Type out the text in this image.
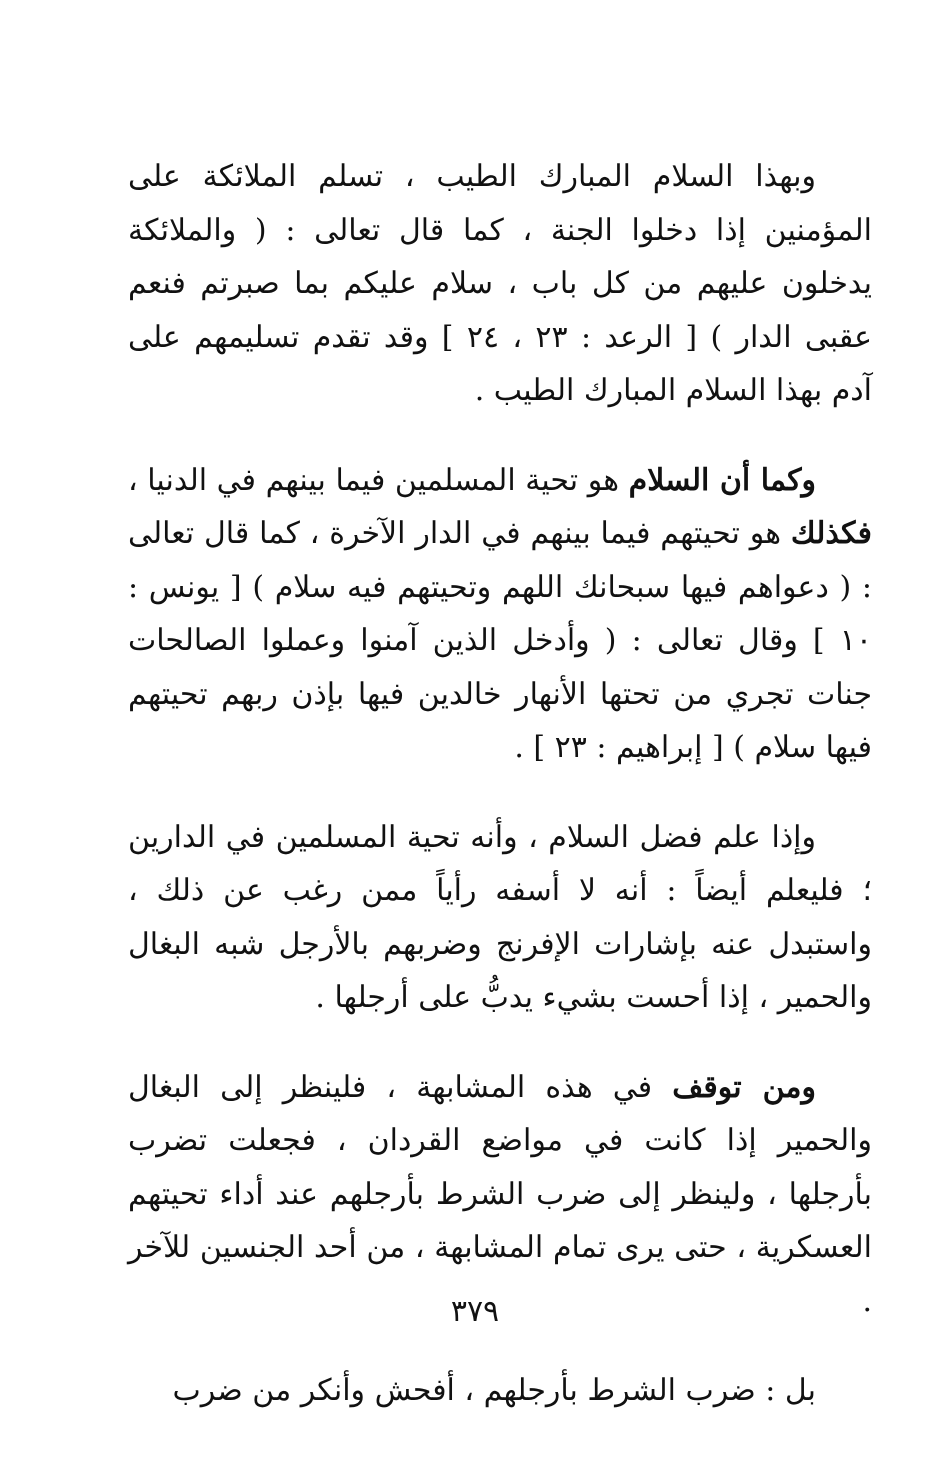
وبهذا السلام المبارك الطيب ، تسلم الملائكة على المؤمنين إذا دخلوا الجنة ، كما قال تعالى : ( والملائكة يدخلون عليهم من كل باب ، سلام عليكم بما صبرتم فنعم عقبى الدار ) [ الرعد : ٢٣ ، ٢٤ ] وقد تقدم تسليمهم على آدم بهذا السلام المبارك الطيب .

وكما أن السلام هو تحية المسلمين فيما بينهم في الدنيا ، فكذلك هو تحيتهم فيما بينهم في الدار الآخرة ، كما قال تعالى : ( دعواهم فيها سبحانك اللهم وتحيتهم فيه سلام ) [ يونس : ١٠ ] وقال تعالى : ( وأدخل الذين آمنوا وعملوا الصالحات جنات تجري من تحتها الأنهار خالدين فيها بإذن ربهم تحيتهم فيها سلام ) [ إبراهيم : ٢٣ ] .

وإذا علم فضل السلام ، وأنه تحية المسلمين في الدارين ؛ فليعلم أيضاً : أنه لا أسفه رأياً ممن رغب عن ذلك ، واستبدل عنه بإشارات الإفرنج وضربهم بالأرجل شبه البغال والحمير ، إذا أحست بشيء يدبُّ على أرجلها .

ومن توقف في هذه المشابهة ، فلينظر إلى البغال والحمير إذا كانت في مواضع القردان ، فجعلت تضرب بأرجلها ، ولينظر إلى ضرب الشرط بأرجلهم عند أداء تحيتهم العسكرية ، حتى يرى تمام المشابهة ، من أحد الجنسين للآخر .

بل : ضرب الشرط بأرجلهم ، أفحش وأنكر من ضرب

٣٧٩
